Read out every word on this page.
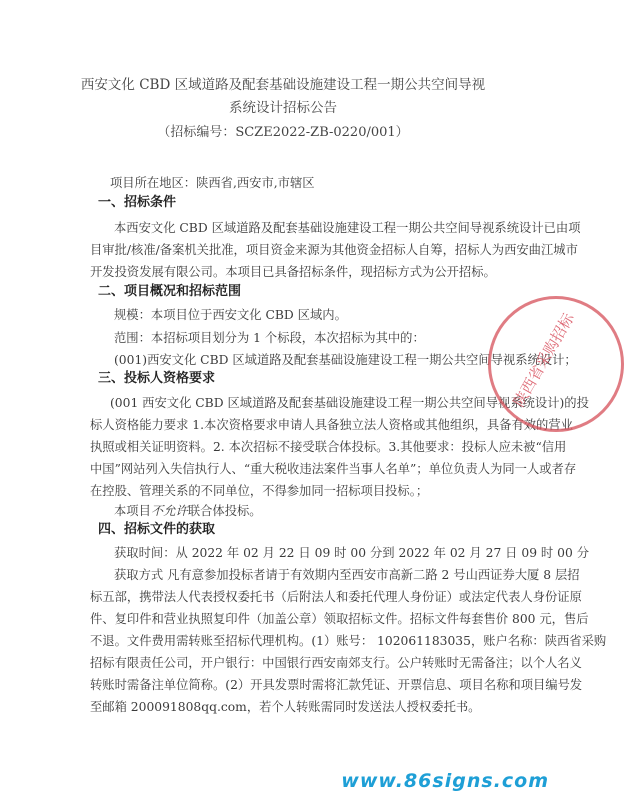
西安文化 CBD 区域道路及配套基础设施建设工程一期公共空间导视系统设计招标公告
（招标编号：SCZE2022-ZB-0220/001）
项目所在地区：陕西省,西安市,市辖区
一、招标条件
本西安文化 CBD 区域道路及配套基础设施建设工程一期公共空间导视系统设计已由项
目审批/核准/备案机关批准，项目资金来源为其他资金招标人自筹，招标人为西安曲江城市
开发投资发展有限公司。本项目已具备招标条件，现招标方式为公开招标。
二、项目概况和招标范围
规模：本项目位于西安文化 CBD 区域内。
范围：本招标项目划分为 1 个标段，本次招标为其中的：
(001)西安文化 CBD 区域道路及配套基础设施建设工程一期公共空间导视系统设计；
三、投标人资格要求
(001 西安文化 CBD 区域道路及配套基础设施建设工程一期公共空间导视系统设计)的投
标人资格能力要求 1.本次资格要求申请人具备独立法人资格或其他组织，具备有效的营业
执照或相关证明资料。2. 本次招标不接受联合体投标。3.其他要求：投标人应未被“信用
中国”网站列入失信执行人、“重大税收违法案件当事人名单”；单位负责人为同一人或者存
在控股、管理关系的不同单位，不得参加同一招标项目投标。；
本项目不允许联合体投标。
四、招标文件的获取
获取时间：从 2022 年 02 月 22 日 09 时 00 分到 2022 年 02 月 27 日 09 时 00 分
获取方式 凡有意参加投标者请于有效期内至西安市高新二路 2 号山西证券大厦 8 层招
标五部，携带法人代表授权委托书（后附法人和委托代理人身份证）或法定代表人身份证原
件、复印件和营业执照复印件（加盖公章）领取招标文件。招标文件每套售价 800 元，售后
不退。文件费用需转账至招标代理机构。(1）账号： 102061183035，账户名称：陕西省采购
招标有限责任公司，开户银行：中国银行西安南郊支行。公户转账时无需备注；以个人名义
转账时需备注单位简称。(2）开具发票时需将汇款凭证、开票信息、项目名称和项目编号发
至邮箱 200091808qq.com，若个人转账需同时发送法人授权委托书。
陕西省采购招标
www.86signs.com
